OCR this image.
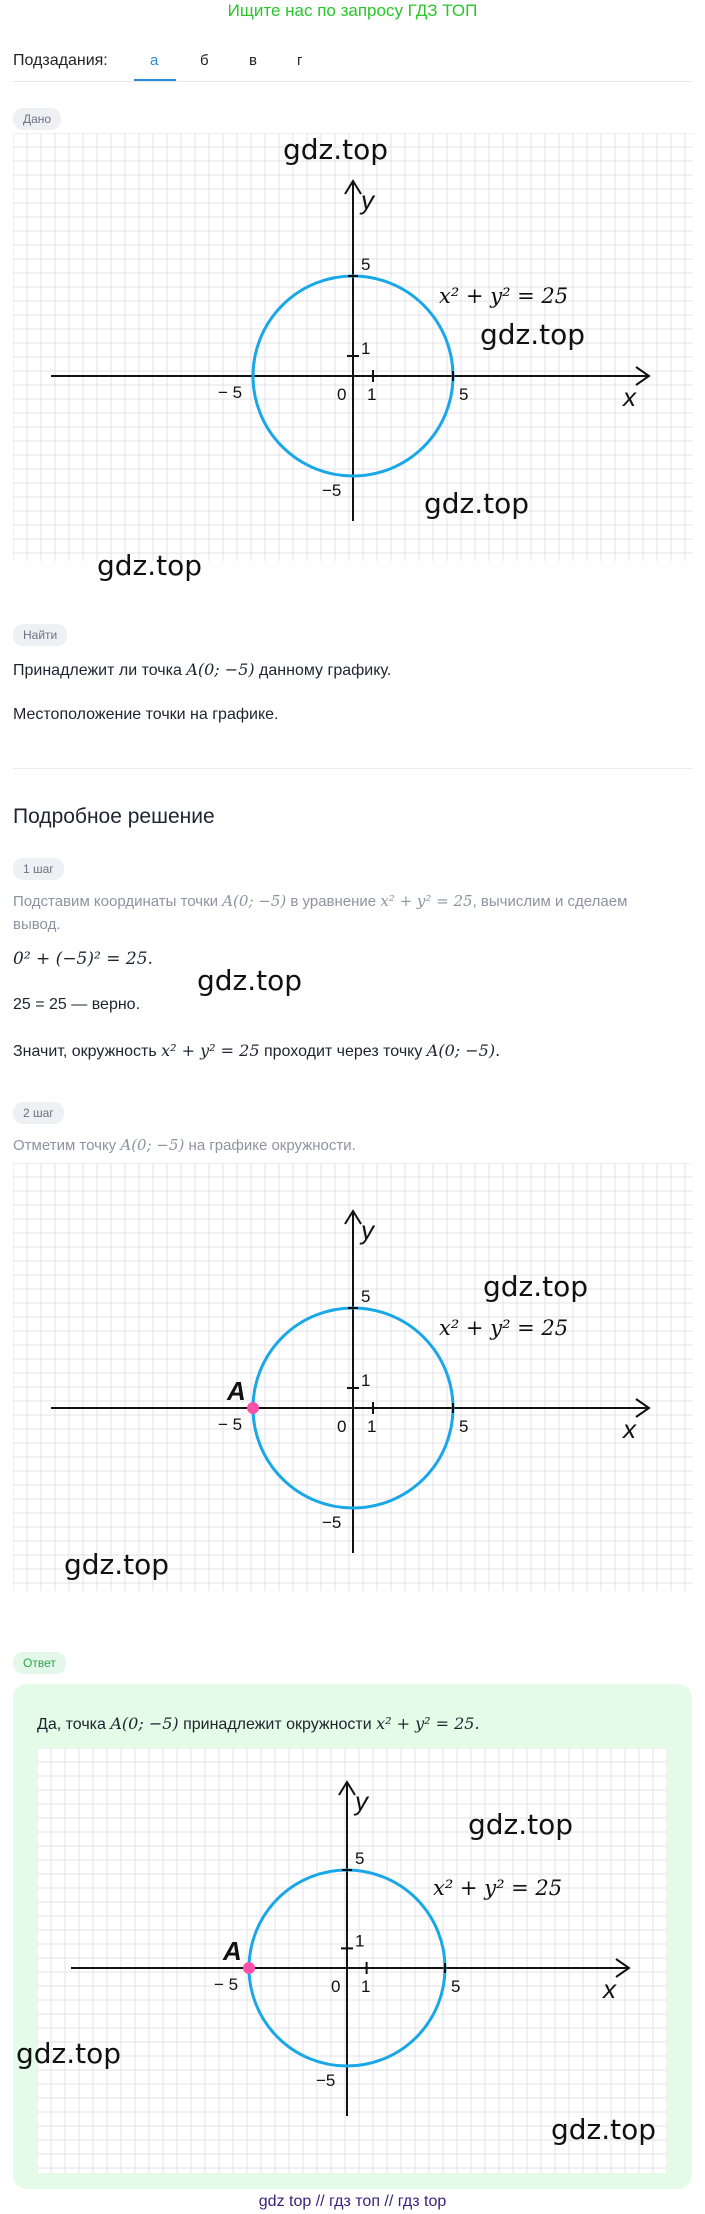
Ищите нас по запросу ГДЗ ТОП
Подзадания:	а	б	в	г
Дано
y
x
5
5
1
1
0
− 5
−5
x² + y² = 25
Найти
Принадлежит ли точка A(0; −5) данному графику.
Местоположение точки на графике.
Подробное решение
1 шаг
Подставим координаты точки A(0; −5) в уравнение x² + y² = 25, вычислим и сделаем
вывод.
0² + (−5)² = 25.
25 = 25 — верно.
Значит, окружность x² + y² = 25 проходит через точку A(0; −5).
2 шаг
Отметим точку A(0; −5) на графике окружности.
y
x
5
5
1
1
0
− 5
−5
x² + y² = 25
A
Ответ
Да, точка A(0; −5) принадлежит окружности x² + y² = 25.
y
x
5
5
1
1
0
− 5
−5
x² + y² = 25
A
gdz.top
gdz.top
gdz.top
gdz.top
gdz.top
gdz.top
gdz.top
gdz.top
gdz.top
gdz.top
gdz top // гдз топ // гдз top
